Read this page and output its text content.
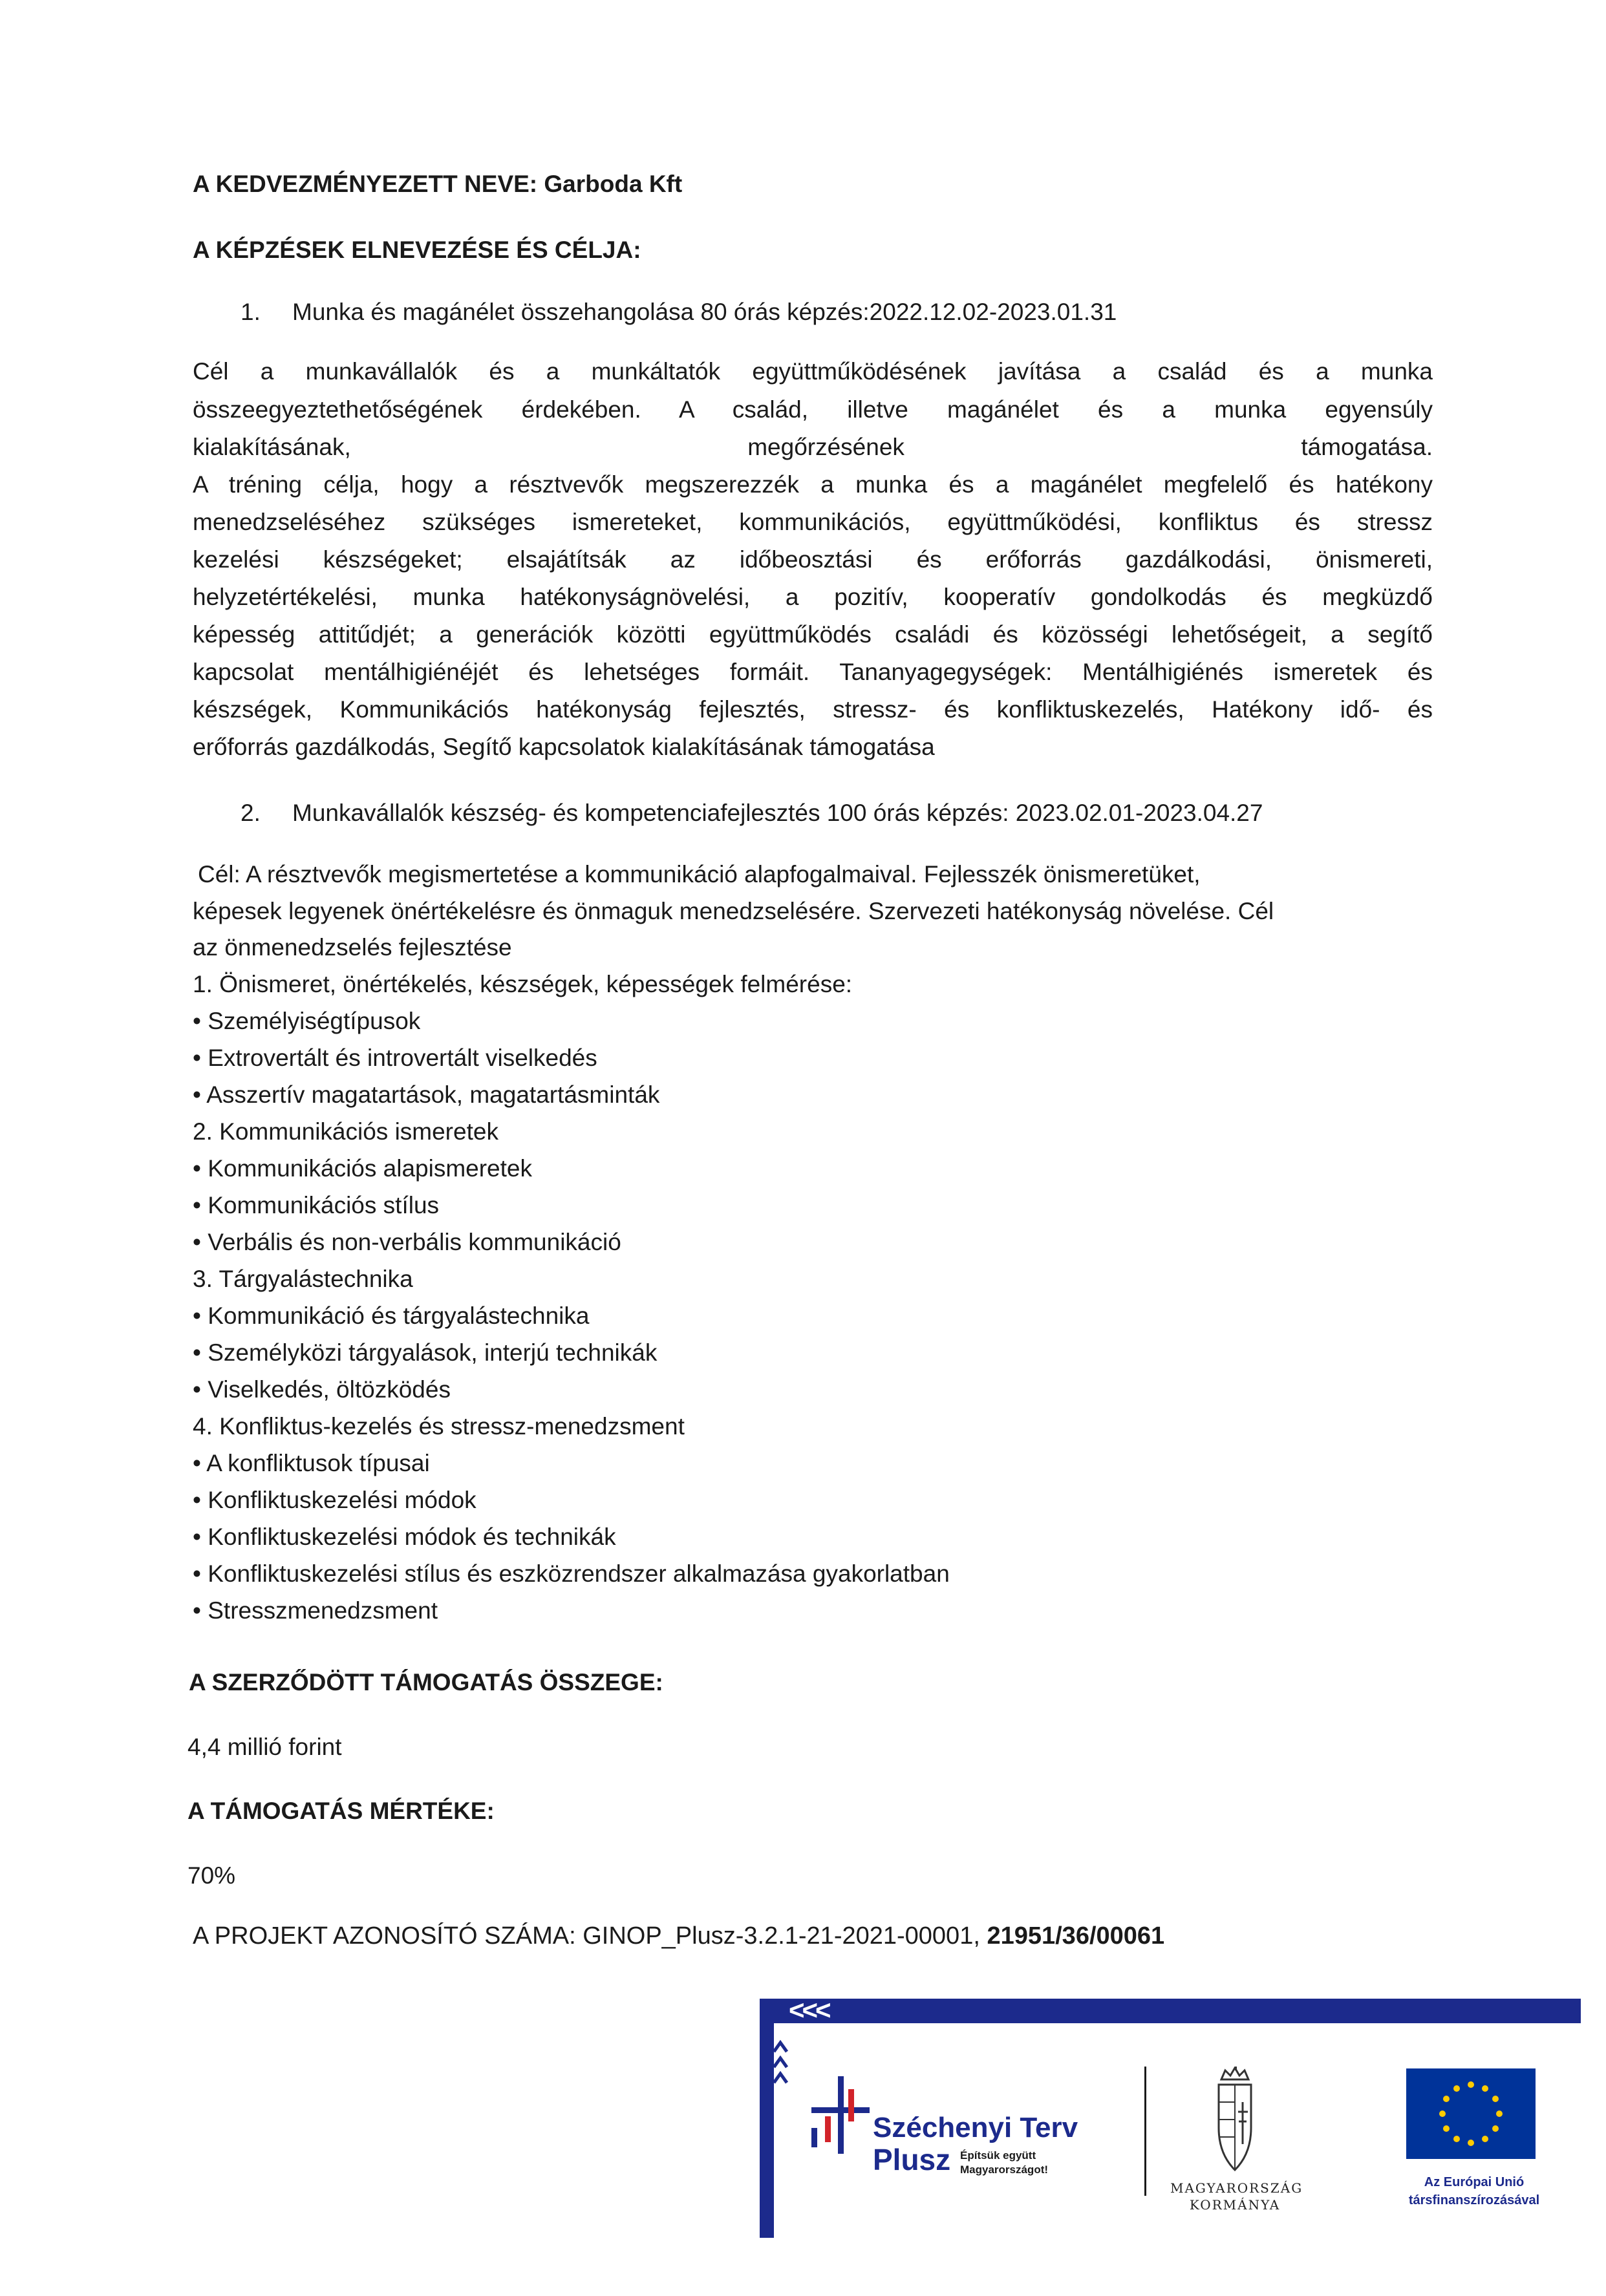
A KEDVEZMÉNYEZETT NEVE: Garboda Kft
A KÉPZÉSEK ELNEVEZÉSE ÉS CÉLJA:
1. Munka és magánélet összehangolása 80 órás képzés:2022.12.02-2023.01.31
Cél a munkavállalók és a munkáltatók együttműködésének javítása a család és a munka
összeegyeztethetőségének érdekében. A család, illetve magánélet és a munka egyensúly
kialakításának, megőrzésének támogatása.
A tréning célja, hogy a résztvevők megszerezzék a munka és a magánélet megfelelő és hatékony
menedzseléséhez szükséges ismereteket, kommunikációs, együttműködési, konfliktus és stressz
kezelési készségeket; elsajátítsák az időbeosztási és erőforrás gazdálkodási, önismereti,
helyzetértékelési, munka hatékonyságnövelési, a pozitív, kooperatív gondolkodás és megküzdő
képesség attitűdjét; a generációk közötti együttműködés családi és közösségi lehetőségeit, a segítő
kapcsolat mentálhigiénéjét és lehetséges formáit. Tananyagegységek: Mentálhigiénés ismeretek és
készségek, Kommunikációs hatékonyság fejlesztés, stressz- és konfliktuskezelés, Hatékony idő- és
erőforrás gazdálkodás, Segítő kapcsolatok kialakításának támogatása
2. Munkavállalók készség- és kompetenciafejlesztés 100 órás képzés: 2023.02.01-2023.04.27
Cél: A résztvevők megismertetése a kommunikáció alapfogalmaival. Fejlesszék önismeretüket,
képesek legyenek önértékelésre és önmaguk menedzselésére. Szervezeti hatékonyság növelése. Cél
az önmenedzselés fejlesztése
1. Önismeret, önértékelés, készségek, képességek felmérése:
• Személyiségtípusok
• Extrovertált és introvertált viselkedés
• Asszertív magatartások, magatartásminták
2. Kommunikációs ismeretek
• Kommunikációs alapismeretek
• Kommunikációs stílus
• Verbális és non-verbális kommunikáció
3. Tárgyalástechnika
• Kommunikáció és tárgyalástechnika
• Személyközi tárgyalások, interjú technikák
• Viselkedés, öltözködés
4. Konfliktus-kezelés és stressz-menedzsment
• A konfliktusok típusai
• Konfliktuskezelési módok
• Konfliktuskezelési módok és technikák
• Konfliktuskezelési stílus és eszközrendszer alkalmazása gyakorlatban
• Stresszmenedzsment
A SZERZŐDÖTT TÁMOGATÁS ÖSSZEGE:
4,4 millió forint
A TÁMOGATÁS MÉRTÉKE:
70%
A PROJEKT AZONOSÍTÓ SZÁMA: GINOP_Plusz-3.2.1-21-2021-00001, 21951/36/00061
<<<
Széchenyi Terv
Plusz Építsük együtt Magyarországot!
MAGYARORSZÁG
KORMÁNYA
Az Európai Unió
társfinanszírozásával
